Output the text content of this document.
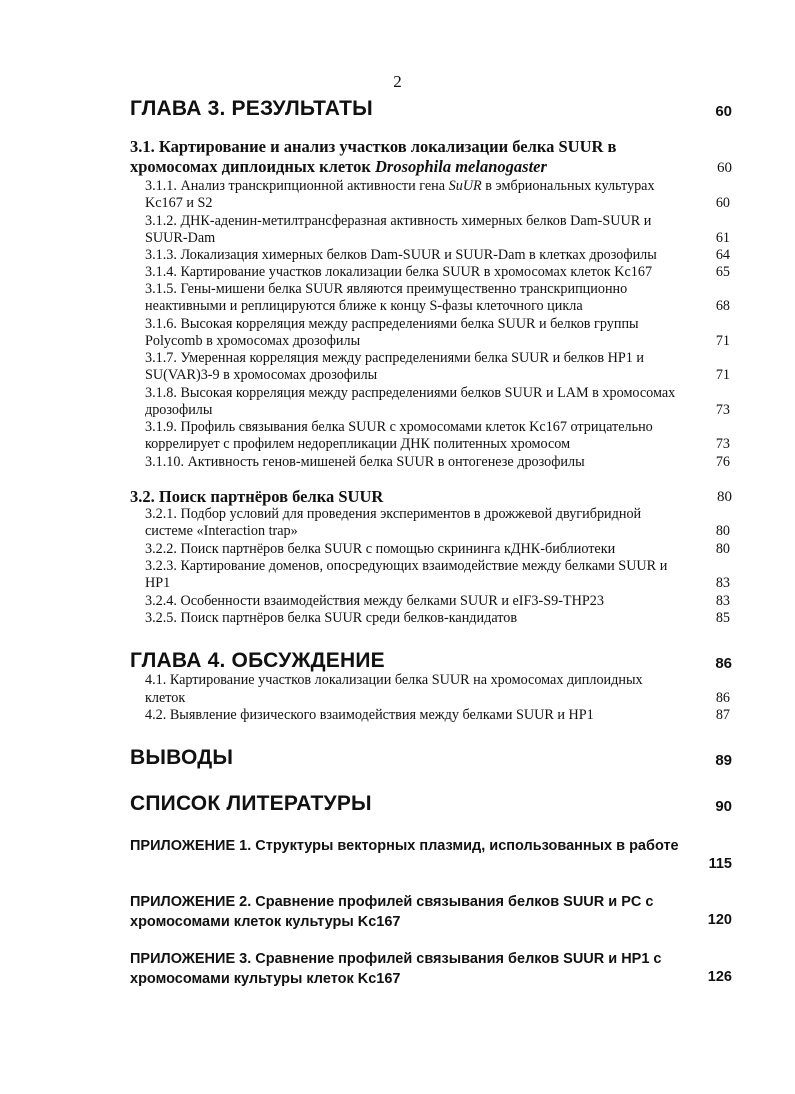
2
ГЛАВА 3. РЕЗУЛЬТАТЫ	60
3.1. Картирование и анализ участков локализации белка SUUR в
хромосомах диплоидных клеток Drosophila melanogaster	60
3.1.1. Анализ транскрипционной активности гена SuUR в эмбриональных культурах
Kc167 и S2	60
3.1.2. ДНК-аденин-метилтрансферазная активность химерных белков Dam-SUUR и
SUUR-Dam	61
3.1.3. Локализация химерных белков Dam-SUUR и SUUR-Dam в клетках дрозофилы	64
3.1.4. Картирование участков локализации белка SUUR в хромосомах клеток Kc167	65
3.1.5. Гены-мишени белка SUUR являются преимущественно транскрипционно
неактивными и реплицируются ближе к концу S-фазы клеточного цикла	68
3.1.6. Высокая корреляция между распределениями белка SUUR и белков группы
Polycomb в хромосомах дрозофилы	71
3.1.7. Умеренная корреляция между распределениями белка SUUR и белков HP1 и
SU(VAR)3-9 в хромосомах дрозофилы	71
3.1.8. Высокая корреляция между распределениями белков SUUR и LAM в хромосомах
дрозофилы	73
3.1.9. Профиль связывания белка SUUR с хромосомами клеток Kc167 отрицательно
коррелирует с профилем недорепликации ДНК политенных хромосом	73
3.1.10. Активность генов-мишеней белка SUUR в онтогенезе дрозофилы	76
3.2. Поиск партнёров белка SUUR	80
3.2.1. Подбор условий для проведения экспериментов в дрожжевой двугибридной
системе «Interaction trap»	80
3.2.2. Поиск партнёров белка SUUR с помощью скрининга кДНК-библиотеки	80
3.2.3. Картирование доменов, опосредующих взаимодействие между белками SUUR и
HP1	83
3.2.4. Особенности взаимодействия между белками SUUR и eIF3-S9-THP23	83
3.2.5. Поиск партнёров белка SUUR среди белков-кандидатов	85
ГЛАВА 4. ОБСУЖДЕНИЕ	86
4.1. Картирование участков локализации белка SUUR на хромосомах диплоидных
клеток	86
4.2. Выявление физического взаимодействия между белками SUUR и HP1	87
ВЫВОДЫ	89
СПИСОК ЛИТЕРАТУРЫ	90
ПРИЛОЖЕНИЕ 1. Структуры векторных плазмид, использованных в работе
115
ПРИЛОЖЕНИЕ 2. Сравнение профилей связывания белков SUUR и PC с
хромосомами клеток культуры Kc167	120
ПРИЛОЖЕНИЕ 3. Сравнение профилей связывания белков SUUR и HP1 с
хромосомами культуры клеток Kc167	126
